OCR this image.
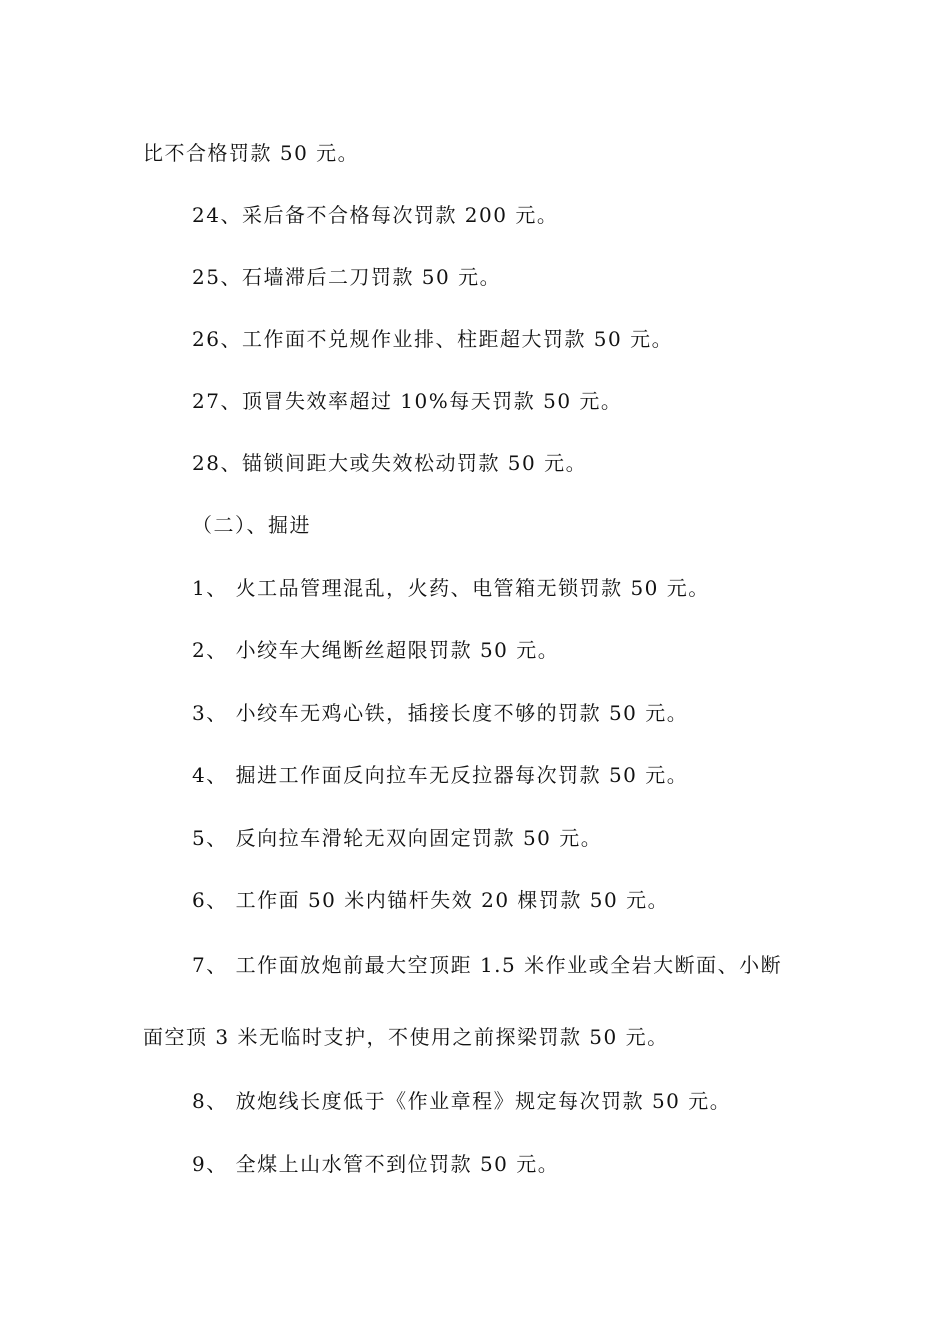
比不合格罚款 50 元。
24、采后备不合格每次罚款 200 元。
25、石墙滞后二刀罚款 50 元。
26、工作面不兑规作业排、柱距超大罚款 50 元。
27、顶冒失效率超过 10%每天罚款 50 元。
28、锚锁间距大或失效松动罚款 50 元。
（二）、掘进
1、 火工品管理混乱，火药、电管箱无锁罚款 50 元。
2、 小绞车大绳断丝超限罚款 50 元。
3、 小绞车无鸡心铁，插接长度不够的罚款 50 元。
4、 掘进工作面反向拉车无反拉器每次罚款 50 元。
5、 反向拉车滑轮无双向固定罚款 50 元。
6、 工作面 50 米内锚杆失效 20 棵罚款 50 元。
7、 工作面放炮前最大空顶距 1.5 米作业或全岩大断面、小断
面空顶 3 米无临时支护，不使用之前探梁罚款 50 元。
8、 放炮线长度低于《作业章程》规定每次罚款 50 元。
9、 全煤上山水管不到位罚款 50 元。
